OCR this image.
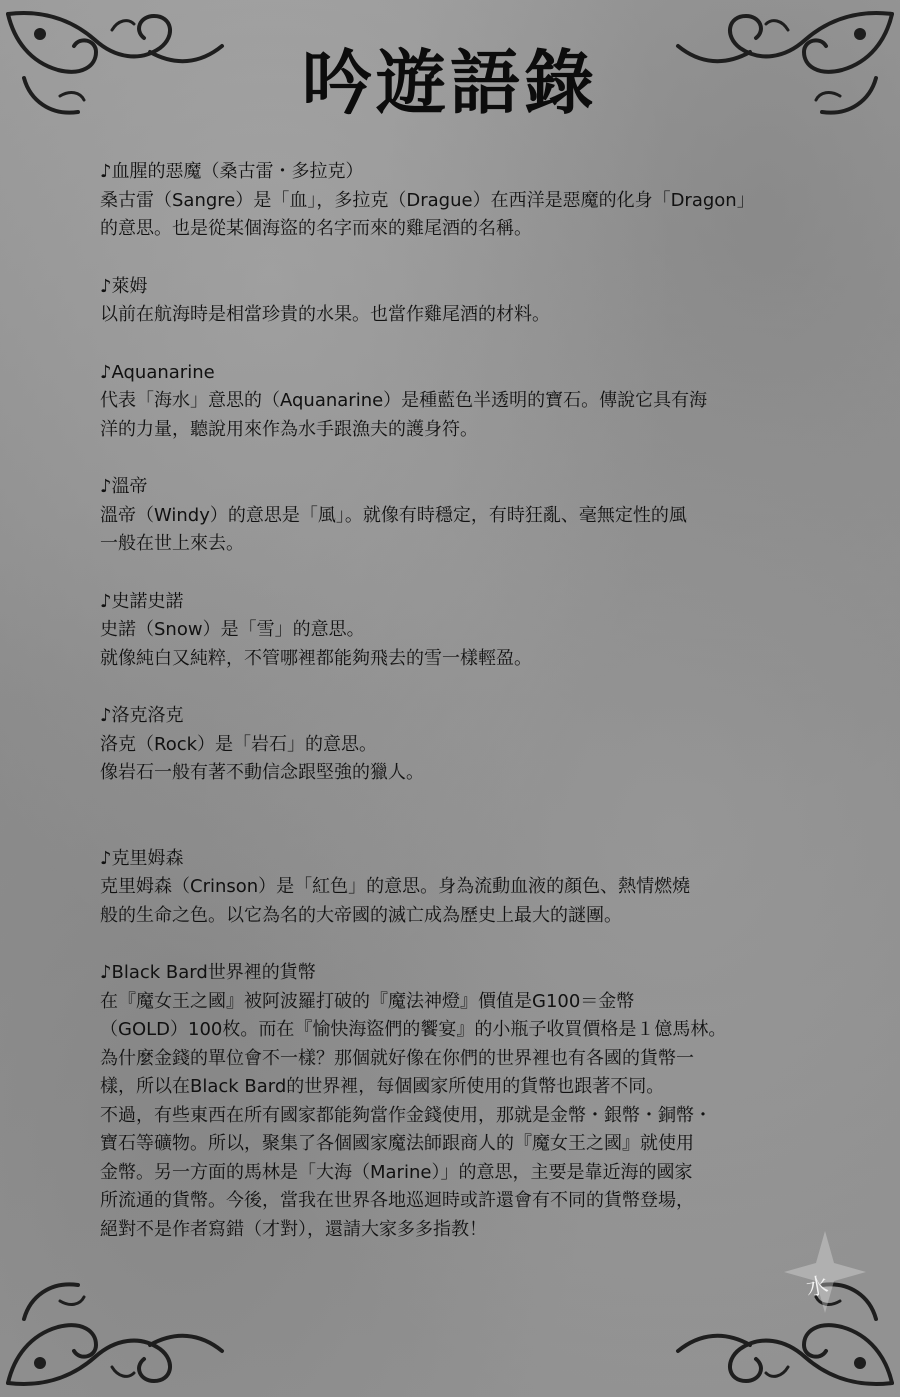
吟遊語錄

♪血腥的惡魔（桑古雷・多拉克）

桑古雷（Sangre）是「血」，多拉克（Drague）在西洋是惡魔的化身「Dragon」

的意思。也是從某個海盜的名字而來的雞尾酒的名稱。

♪萊姆

以前在航海時是相當珍貴的水果。也當作雞尾酒的材料。

♪Aquanarine

代表「海水」意思的（Aquanarine）是種藍色半透明的寶石。傳說它具有海

洋的力量，聽說用來作為水手跟漁夫的護身符。

♪溫帝

溫帝（Windy）的意思是「風」。就像有時穩定，有時狂亂、毫無定性的風

一般在世上來去。

♪史諾史諾

史諾（Snow）是「雪」的意思。

就像純白又純粹，不管哪裡都能夠飛去的雪一樣輕盈。

♪洛克洛克

洛克（Rock）是「岩石」的意思。

像岩石一般有著不動信念跟堅強的獵人。

♪克里姆森

克里姆森（Crinson）是「紅色」的意思。身為流動血液的顏色、熱情燃燒

般的生命之色。以它為名的大帝國的滅亡成為歷史上最大的謎團。

♪Black Bard世界裡的貨幣

在『魔女王之國』被阿波羅打破的『魔法神燈』價值是G100＝金幣

（GOLD）100枚。而在『愉快海盜們的饗宴』的小瓶子收買價格是１億馬林。

為什麼金錢的單位會不一樣？那個就好像在你們的世界裡也有各國的貨幣一

樣，所以在Black Bard的世界裡，每個國家所使用的貨幣也跟著不同。

不過，有些東西在所有國家都能夠當作金錢使用，那就是金幣・銀幣・銅幣・

寶石等礦物。所以，聚集了各個國家魔法師跟商人的『魔女王之國』就使用

金幣。另一方面的馬林是「大海（Marine）」的意思，主要是靠近海的國家

所流通的貨幣。今後，當我在世界各地巡迴時或許還會有不同的貨幣登場，

絕對不是作者寫錯（才對），還請大家多多指教！

水
